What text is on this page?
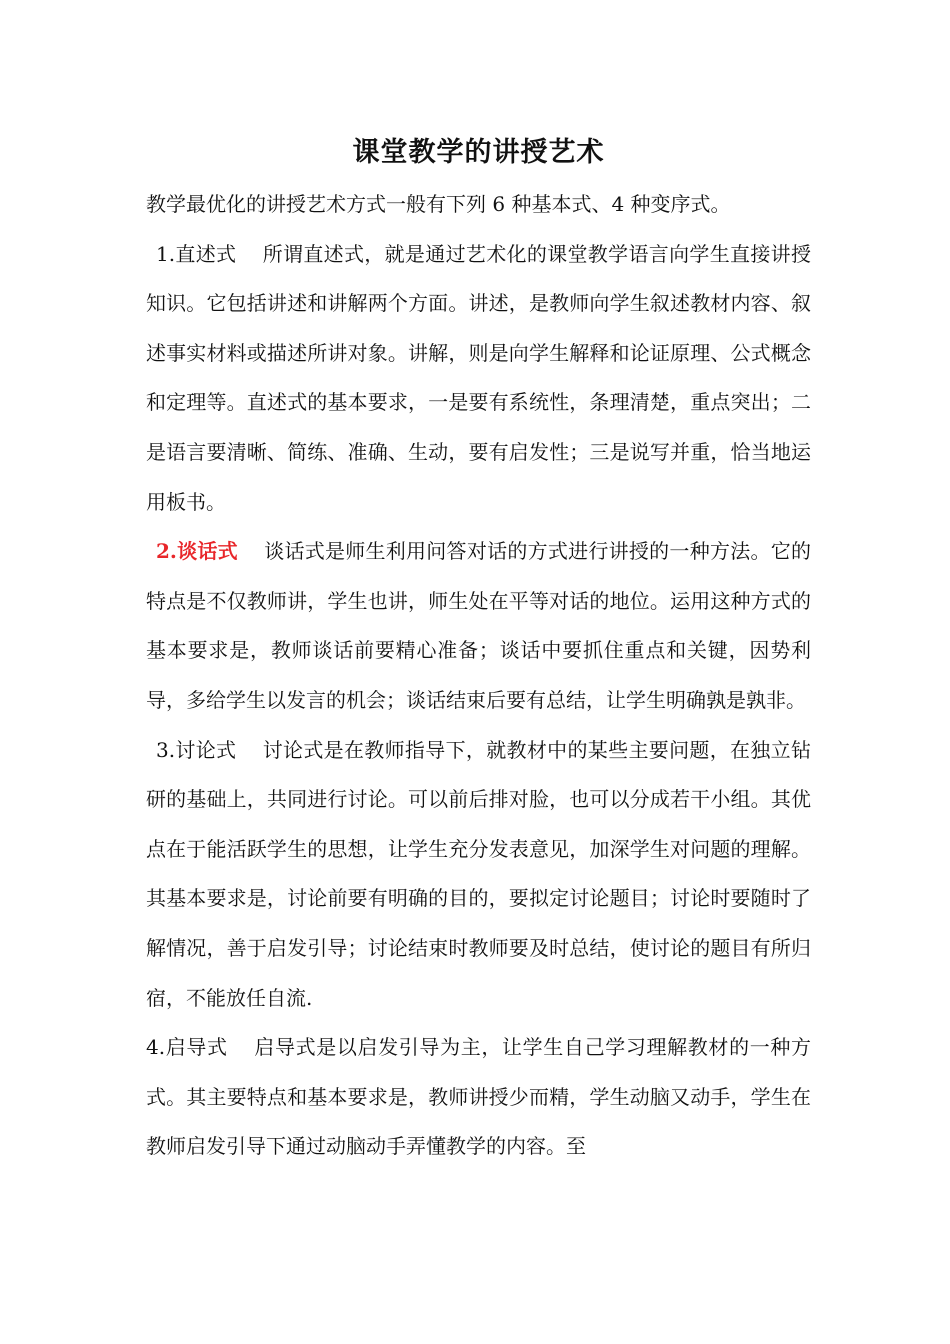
课堂教学的讲授艺术

教学最优化的讲授艺术方式一般有下列 6 种基本式、4 种变序式。

1.直述式 所谓直述式，就是通过艺术化的课堂教学语言向学生直接讲授知识。它包括讲述和讲解两个方面。讲述，是教师向学生叙述教材内容、叙述事实材料或描述所讲对象。讲解，则是向学生解释和论证原理、公式概念和定理等。直述式的基本要求，一是要有系统性，条理清楚，重点突出；二是语言要清晰、简练、准确、生动，要有启发性；三是说写并重，恰当地运用板书。

2.谈话式 谈话式是师生利用问答对话的方式进行讲授的一种方法。它的特点是不仅教师讲，学生也讲，师生处在平等对话的地位。运用这种方式的基本要求是，教师谈话前要精心准备；谈话中要抓住重点和关键，因势利导，多给学生以发言的机会；谈话结束后要有总结，让学生明确孰是孰非。

3.讨论式 讨论式是在教师指导下，就教材中的某些主要问题，在独立钻研的基础上，共同进行讨论。可以前后排对脸，也可以分成若干小组。其优点在于能活跃学生的思想，让学生充分发表意见，加深学生对问题的理解。其基本要求是，讨论前要有明确的目的，要拟定讨论题目；讨论时要随时了解情况，善于启发引导；讨论结束时教师要及时总结，使讨论的题目有所归宿，不能放任自流.

4.启导式 启导式是以启发引导为主，让学生自己学习理解教材的一种方式。其主要特点和基本要求是，教师讲授少而精，学生动脑又动手，学生在教师启发引导下通过动脑动手弄懂教学的内容。至
